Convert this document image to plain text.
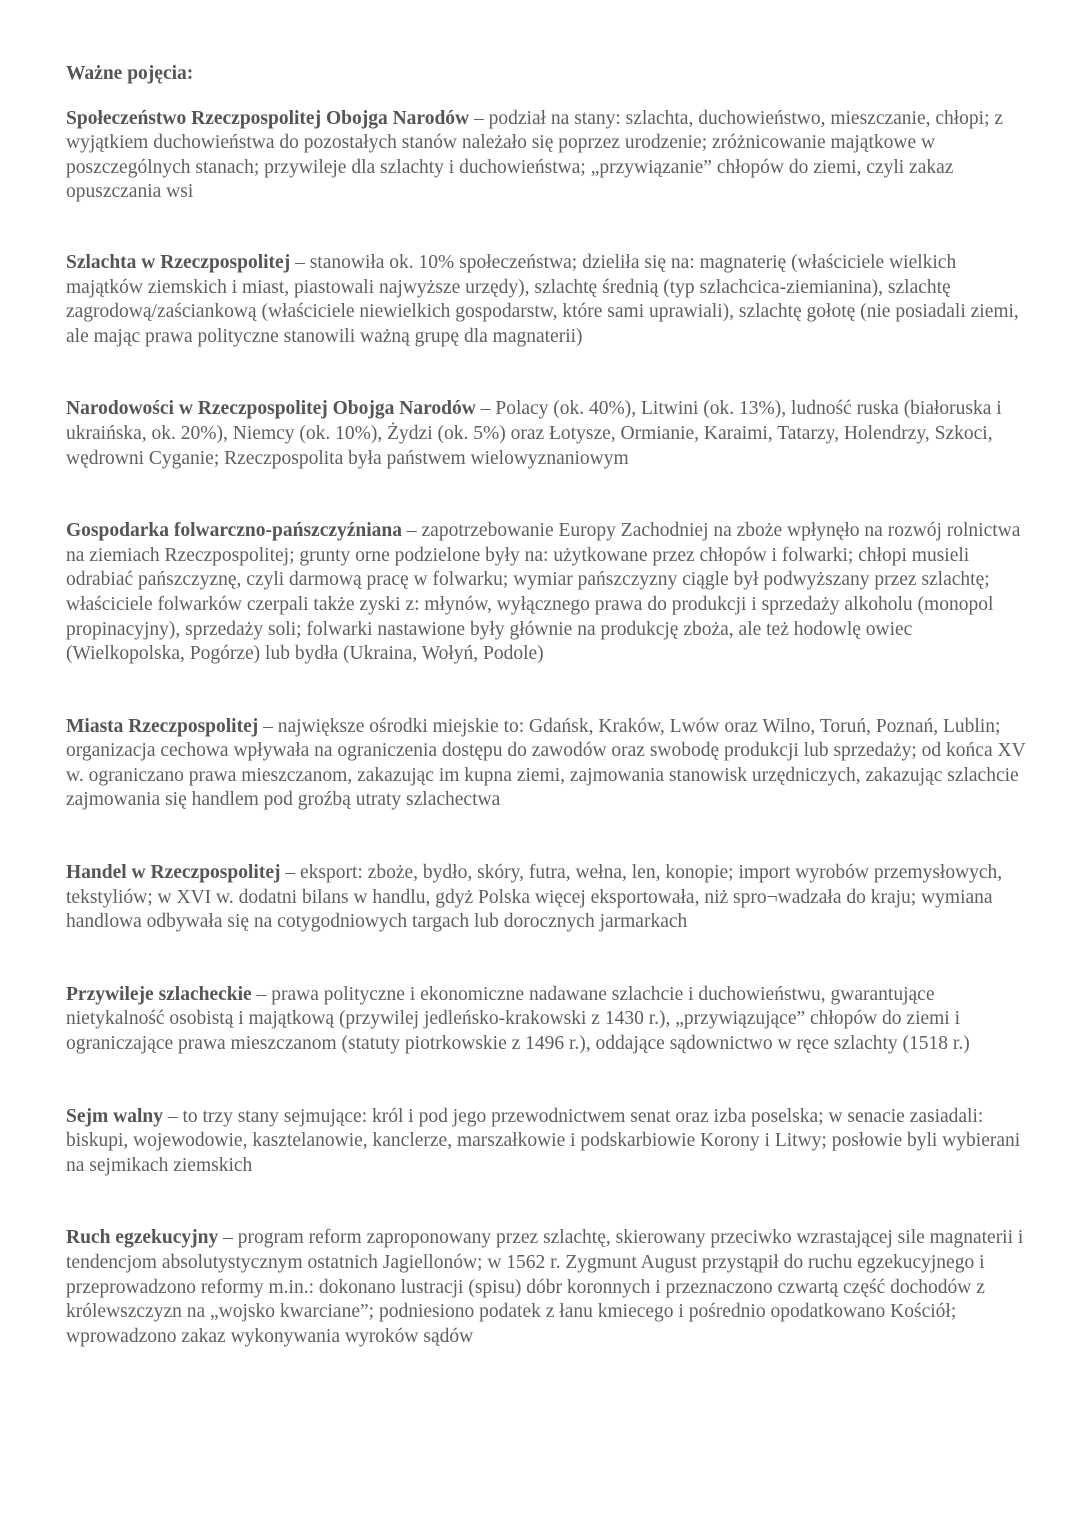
Ważne pojęcia:

Społeczeństwo Rzeczpospolitej Obojga Narodów – podział na stany: szlachta, duchowieństwo, mieszczanie, chłopi; z wyjątkiem duchowieństwa do pozostałych stanów należało się poprzez urodzenie; zróżnicowanie majątkowe w poszczególnych stanach; przywileje dla szlachty i duchowieństwa; „przywiązanie” chłopów do ziemi, czyli zakaz opuszczania wsi

Szlachta w Rzeczpospolitej – stanowiła ok. 10% społeczeństwa; dzieliła się na: magnaterię (właściciele wielkich majątków ziemskich i miast, piastowali najwyższe urzędy), szlachtę średnią (typ szlachcica-ziemianina), szlachtę zagrodową/zaściankową (właściciele niewielkich gospodarstw, które sami uprawiali), szlachtę gołotę (nie posiadali ziemi, ale mając prawa polityczne stanowili ważną grupę dla magnaterii)

Narodowości w Rzeczpospolitej Obojga Narodów – Polacy (ok. 40%), Litwini (ok. 13%), ludność ruska (białoruska i ukraińska, ok. 20%), Niemcy (ok. 10%), Żydzi (ok. 5%) oraz Łotysze, Ormianie, Karaimi, Tatarzy, Holendrzy, Szkoci, wędrowni Cyganie; Rzeczpospolita była państwem wielowyznaniowym

Gospodarka folwarczno-pańszczyźniana – zapotrzebowanie Europy Zachodniej na zboże wpłynęło na rozwój rolnictwa na ziemiach Rzeczpospolitej; grunty orne podzielone były na: użytkowane przez chłopów i folwarki; chłopi musieli odrabiać pańszczyznę, czyli darmową pracę w folwarku; wymiar pańszczyzny ciągle był podwyższany przez szlachtę; właściciele folwarków czerpali także zyski z: młynów, wyłącznego prawa do produkcji i sprzedaży alkoholu (monopol propinacyjny), sprzedaży soli; folwarki nastawione były głównie na produkcję zboża, ale też hodowlę owiec (Wielkopolska, Pogórze) lub bydła (Ukraina, Wołyń, Podole)

Miasta Rzeczpospolitej – największe ośrodki miejskie to: Gdańsk, Kraków, Lwów oraz Wilno, Toruń, Poznań, Lublin; organizacja cechowa wpływała na ograniczenia dostępu do zawodów oraz swobodę produkcji lub sprzedaży; od końca XV w. ograniczano prawa mieszczanom, zakazując im kupna ziemi, zajmowania stanowisk urzędniczych, zakazując szlachcie zajmowania się handlem pod groźbą utraty szlachectwa

Handel w Rzeczpospolitej – eksport: zboże, bydło, skóry, futra, wełna, len, konopie; import wyrobów przemysłowych, tekstyliów; w XVI w. dodatni bilans w handlu, gdyż Polska więcej eksportowała, niż spro¬wadzała do kraju; wymiana handlowa odbywała się na cotygodniowych targach lub dorocznych jarmarkach

Przywileje szlacheckie – prawa polityczne i ekonomiczne nadawane szlachcie i duchowieństwu, gwarantujące nietykalność osobistą i majątkową (przywilej jedleńsko-krakowski z 1430 r.), „przywiązujące” chłopów do ziemi i ograniczające prawa mieszczanom (statuty piotrkowskie z 1496 r.), oddające sądownictwo w ręce szlachty (1518 r.)

Sejm walny – to trzy stany sejmujące: król i pod jego przewodnictwem senat oraz izba poselska; w senacie zasiadali: biskupi, wojewodowie, kasztelanowie, kanclerze, marszałkowie i podskarbiowie Korony i Litwy; posłowie byli wybierani na sejmikach ziemskich

Ruch egzekucyjny – program reform zaproponowany przez szlachtę, skierowany przeciwko wzrastającej sile magnaterii i tendencjom absolutystycznym ostatnich Jagiellonów; w 1562 r. Zygmunt August przystąpił do ruchu egzekucyjnego i przeprowadzono reformy m.in.: dokonano lustracji (spisu) dóbr koronnych i przeznaczono czwartą część dochodów z królewszczyzn na „wojsko kwarciane”; podniesiono podatek z łanu kmiecego i pośrednio opodatkowano Kościół; wprowadzono zakaz wykonywania wyroków sądów
